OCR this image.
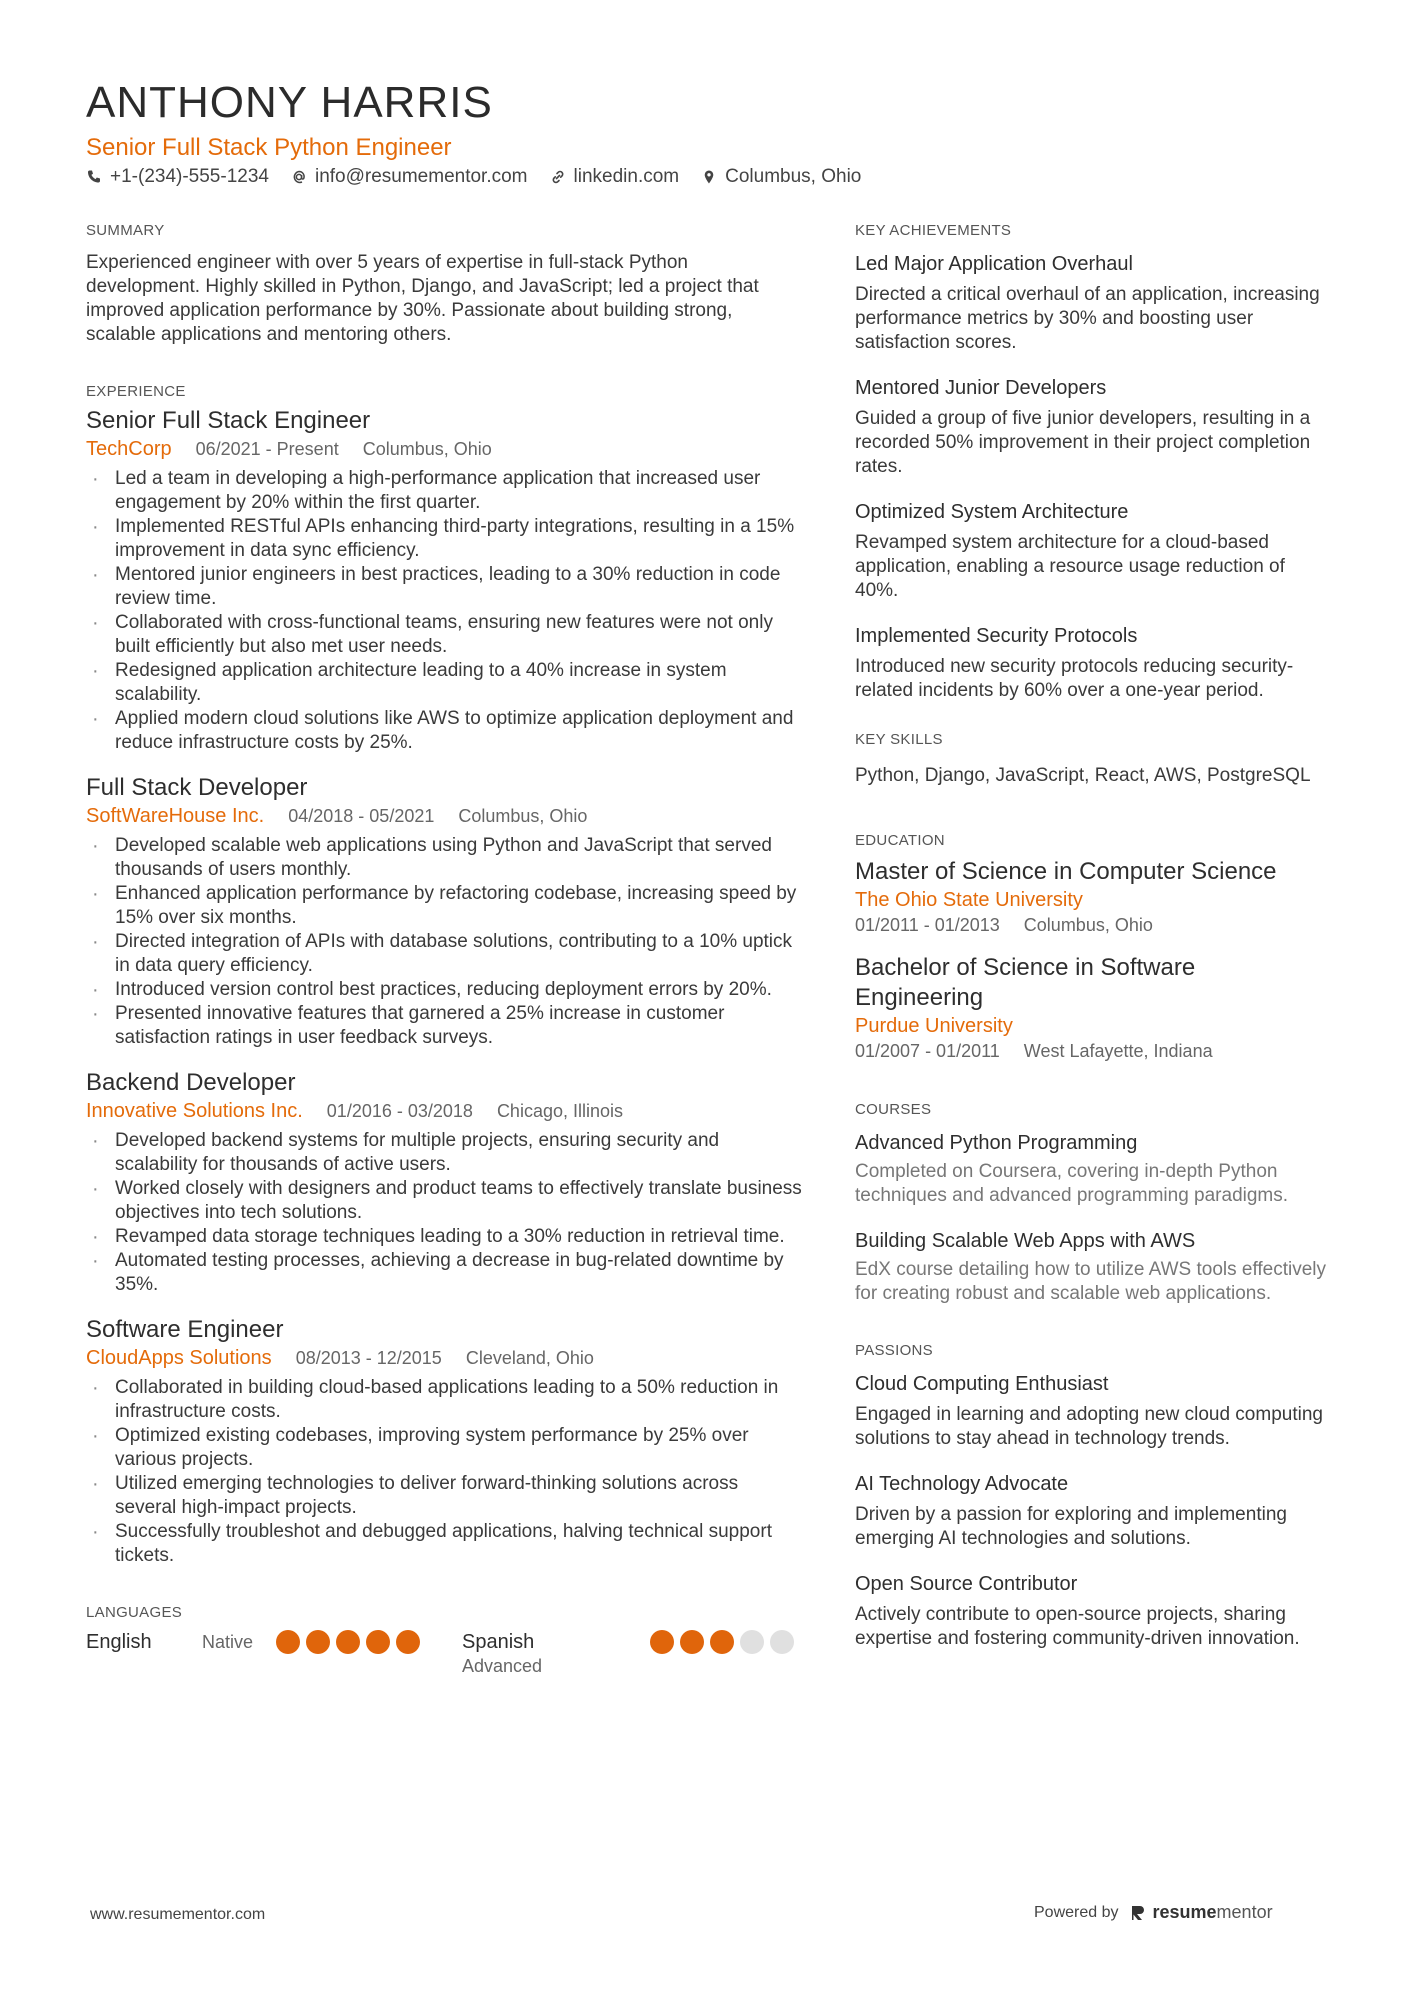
ANTHONY HARRIS
Senior Full Stack Python Engineer
+1-(234)-555-1234 info@resumementor.com linkedin.com Columbus, Ohio
SUMMARY
Experienced engineer with over 5 years of expertise in full-stack Python development. Highly skilled in Python, Django, and JavaScript; led a project that improved application performance by 30%. Passionate about building strong, scalable applications and mentoring others.
EXPERIENCE
Senior Full Stack Engineer
TechCorp 06/2021 - Present Columbus, Ohio
· Led a team in developing a high-performance application that increased user engagement by 20% within the first quarter.
· Implemented RESTful APIs enhancing third-party integrations, resulting in a 15% improvement in data sync efficiency.
· Mentored junior engineers in best practices, leading to a 30% reduction in code review time.
· Collaborated with cross-functional teams, ensuring new features were not only built efficiently but also met user needs.
· Redesigned application architecture leading to a 40% increase in system scalability.
· Applied modern cloud solutions like AWS to optimize application deployment and reduce infrastructure costs by 25%.
Full Stack Developer
SoftWareHouse Inc. 04/2018 - 05/2021 Columbus, Ohio
· Developed scalable web applications using Python and JavaScript that served thousands of users monthly.
· Enhanced application performance by refactoring codebase, increasing speed by 15% over six months.
· Directed integration of APIs with database solutions, contributing to a 10% uptick in data query efficiency.
· Introduced version control best practices, reducing deployment errors by 20%.
· Presented innovative features that garnered a 25% increase in customer satisfaction ratings in user feedback surveys.
Backend Developer
Innovative Solutions Inc. 01/2016 - 03/2018 Chicago, Illinois
· Developed backend systems for multiple projects, ensuring security and scalability for thousands of active users.
· Worked closely with designers and product teams to effectively translate business objectives into tech solutions.
· Revamped data storage techniques leading to a 30% reduction in retrieval time.
· Automated testing processes, achieving a decrease in bug-related downtime by 35%.
Software Engineer
CloudApps Solutions 08/2013 - 12/2015 Cleveland, Ohio
· Collaborated in building cloud-based applications leading to a 50% reduction in infrastructure costs.
· Optimized existing codebases, improving system performance by 25% over various projects.
· Utilized emerging technologies to deliver forward-thinking solutions across several high-impact projects.
· Successfully troubleshot and debugged applications, halving technical support tickets.
LANGUAGES
English	Native	Spanish
Advanced
KEY ACHIEVEMENTS
Led Major Application Overhaul
Directed a critical overhaul of an application, increasing performance metrics by 30% and boosting user satisfaction scores.
Mentored Junior Developers
Guided a group of five junior developers, resulting in a recorded 50% improvement in their project completion rates.
Optimized System Architecture
Revamped system architecture for a cloud-based application, enabling a resource usage reduction of 40%.
Implemented Security Protocols
Introduced new security protocols reducing security-related incidents by 60% over a one-year period.
KEY SKILLS
Python, Django, JavaScript, React, AWS, PostgreSQL
EDUCATION
Master of Science in Computer Science
The Ohio State University
01/2011 - 01/2013 Columbus, Ohio
Bachelor of Science in Software Engineering
Purdue University
01/2007 - 01/2011 West Lafayette, Indiana
COURSES
Advanced Python Programming
Completed on Coursera, covering in-depth Python techniques and advanced programming paradigms.
Building Scalable Web Apps with AWS
EdX course detailing how to utilize AWS tools effectively for creating robust and scalable web applications.
PASSIONS
Cloud Computing Enthusiast
Engaged in learning and adopting new cloud computing solutions to stay ahead in technology trends.
AI Technology Advocate
Driven by a passion for exploring and implementing emerging AI technologies and solutions.
Open Source Contributor
Actively contribute to open-source projects, sharing expertise and fostering community-driven innovation.
www.resumementor.com	Powered by resume mentor
